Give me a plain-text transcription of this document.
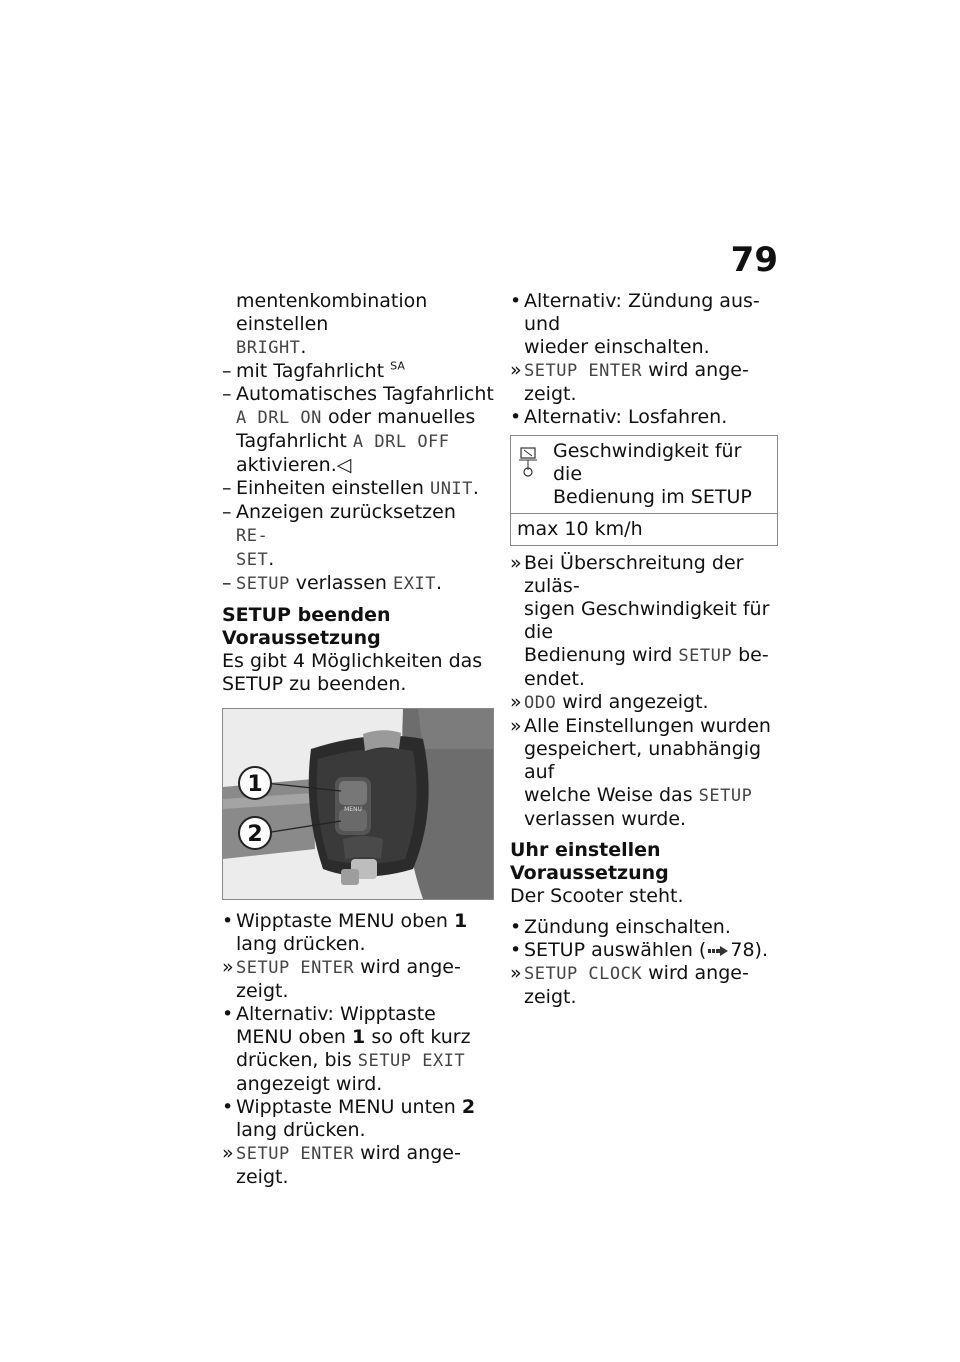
79
mentenkombination einstellen
BRIGHT.
– mit Tagfahrlicht $^{SA}$
– Automatisches Tagfahrlicht
A DRL ON oder manuelles
Tagfahrlicht A DRL OFF
aktivieren.◁
– Einheiten einstellen UNIT.
– Anzeigen zurücksetzen RE-
SET.
– SETUP verlassen EXIT.
SETUP beenden
Voraussetzung
Es gibt 4 Möglichkeiten das
SETUP zu beenden.
MENU
1
2
• Wipptaste MENU oben 1
lang drücken.
» SETUP ENTER wird ange-
zeigt.
• Alternativ: Wipptaste
MENU oben 1 so oft kurz
drücken, bis SETUP EXIT
angezeigt wird.
• Wipptaste MENU unten 2
lang drücken.
» SETUP ENTER wird ange-
zeigt.
• Alternativ: Zündung aus- und
wieder einschalten.
» SETUP ENTER wird ange-
zeigt.
• Alternativ: Losfahren.
Geschwindigkeit für die
Bedienung im SETUP
max 10 km/h
» Bei Überschreitung der zuläs-
sigen Geschwindigkeit für die
Bedienung wird SETUP be-
endet.
» ODO wird angezeigt.
» Alle Einstellungen wurden
gespeichert, unabhängig auf
welche Weise das SETUP
verlassen wurde.
Uhr einstellen
Voraussetzung
Der Scooter steht.
• Zündung einschalten.
• SETUP auswählen ( 78).
» SETUP CLOCK wird ange-
zeigt.
